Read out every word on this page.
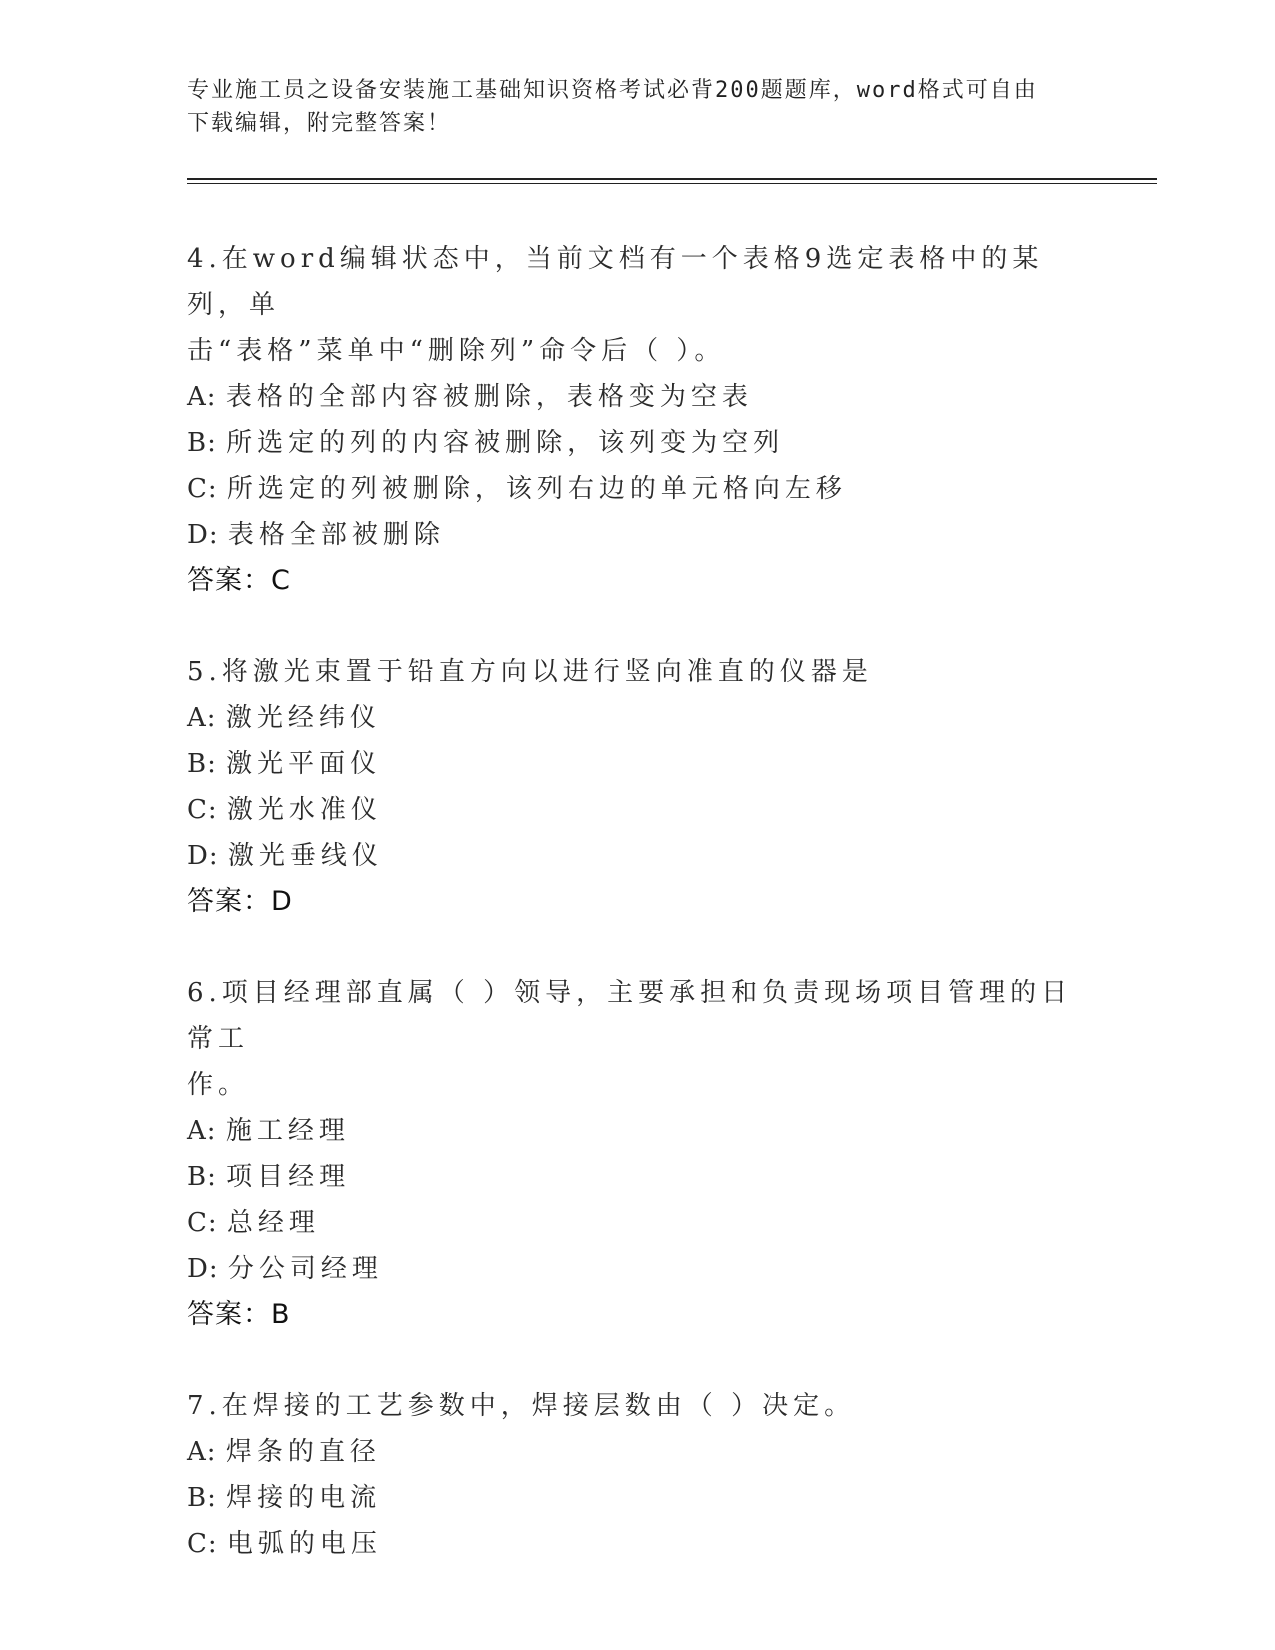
专业施工员之设备安装施工基础知识资格考试必背200题题库，word格式可自由
下载编辑，附完整答案！

4.在word编辑状态中，当前文档有一个表格9选定表格中的某列，单

击“表格”菜单中“删除列”命令后（ ）。

A: 表格的全部内容被删除，表格变为空表

B: 所选定的列的内容被删除，该列变为空列

C: 所选定的列被删除，该列右边的单元格向左移

D: 表格全部被删除

答案：C

5.将激光束置于铅直方向以进行竖向准直的仪器是

A: 激光经纬仪

B: 激光平面仪

C: 激光水准仪

D: 激光垂线仪

答案：D

6.项目经理部直属（ ）领导，主要承担和负责现场项目管理的日常工

作。

A: 施工经理

B: 项目经理

C: 总经理

D: 分公司经理

答案：B

7.在焊接的工艺参数中，焊接层数由（ ）决定。

A: 焊条的直径

B: 焊接的电流

C: 电弧的电压
